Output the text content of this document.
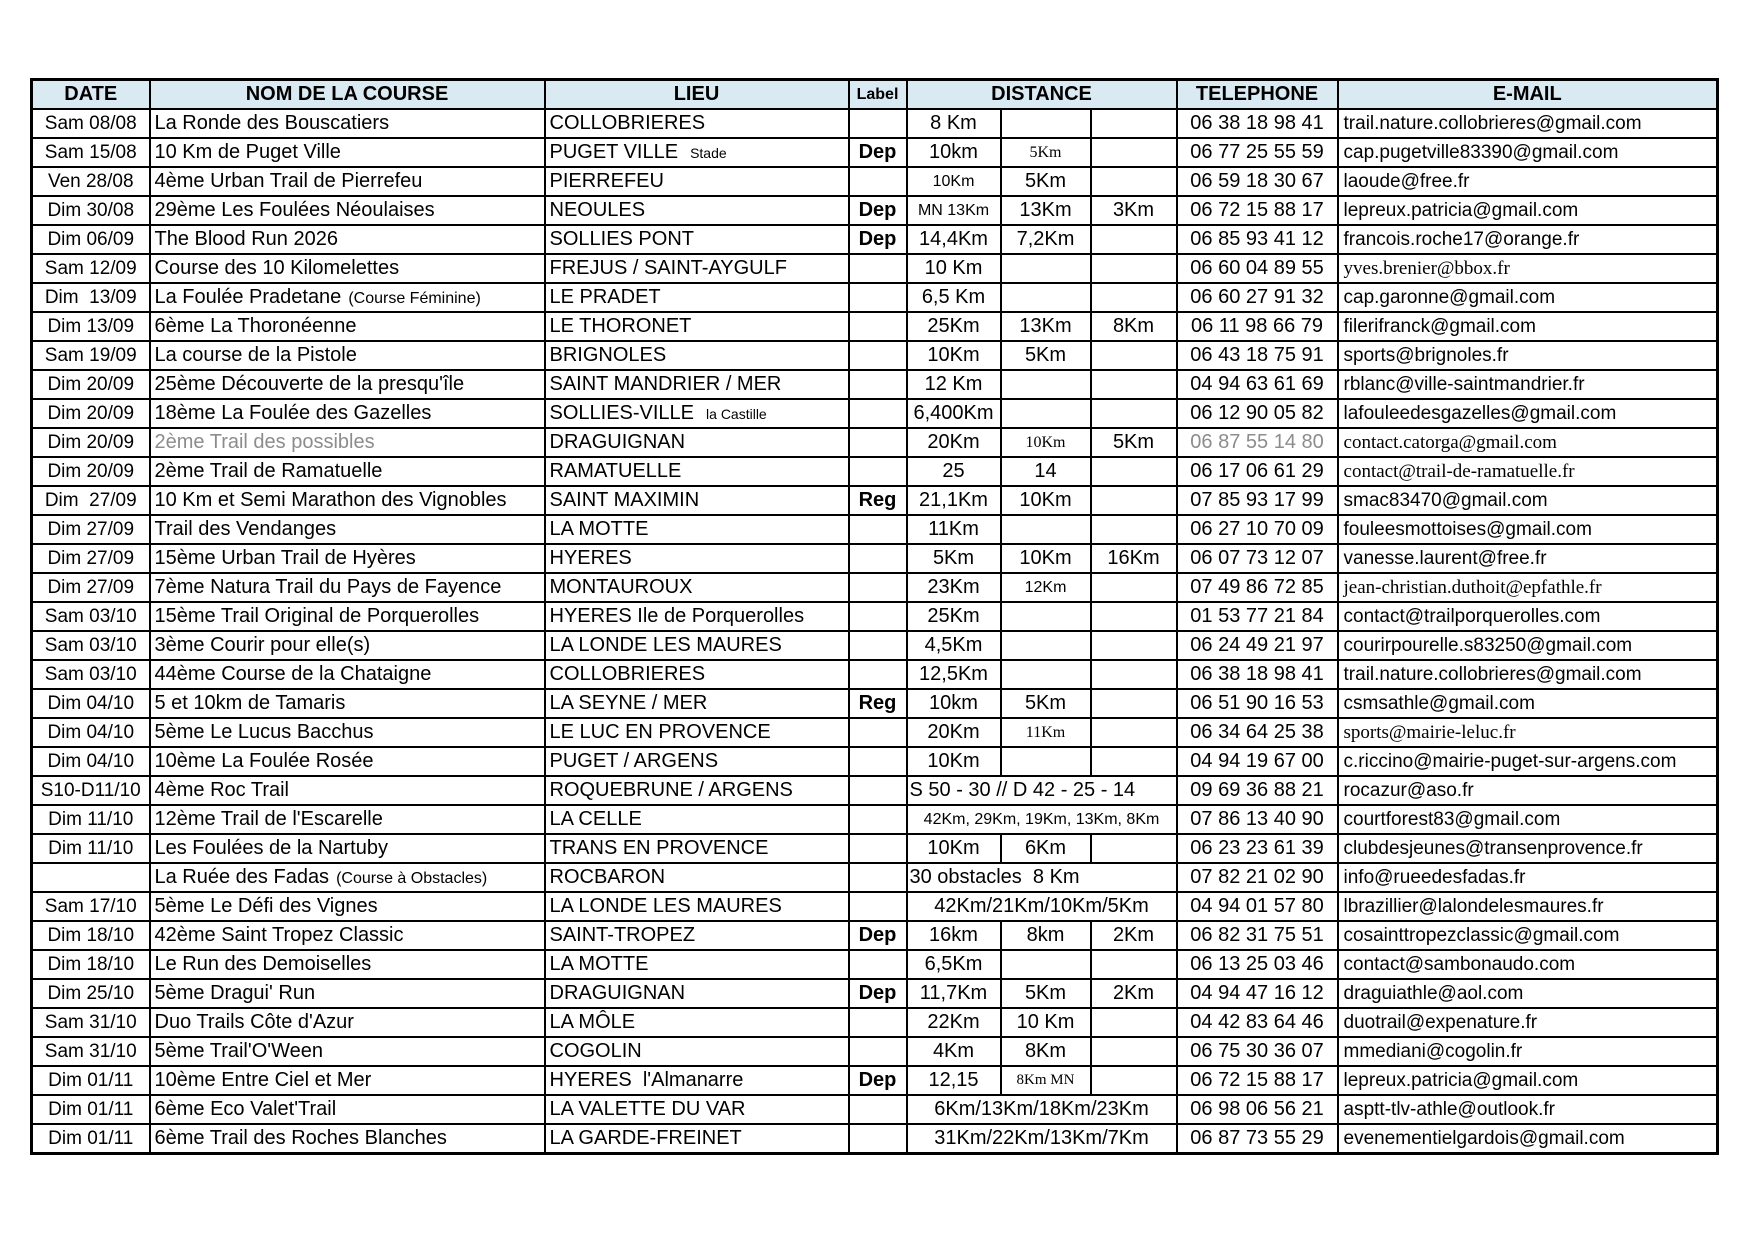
DATE	NOM DE LA COURSE	LIEU	Label	DISTANCE			TELEPHONE	E-MAIL
Sam 08/08	La Ronde des Bouscatiers	COLLOBRIERES		8 Km			06 38 18 98 41	trail.nature.collobrieres@gmail.com
Sam 15/08	10 Km de Puget Ville	PUGET VILLE Stade	Dep	10km	5Km		06 77 25 55 59	cap.pugetville83390@gmail.com
Ven 28/08	4ème Urban Trail de Pierrefeu	PIERREFEU		10Km	5Km		06 59 18 30 67	laoude@free.fr
Dim 30/08	29ème Les Foulées Néoulaises	NEOULES	Dep	MN 13Km	13Km	3Km	06 72 15 88 17	lepreux.patricia@gmail.com
Dim 06/09	The Blood Run 2026	SOLLIES PONT	Dep	14,4Km	7,2Km		06 85 93 41 12	francois.roche17@orange.fr
Sam 12/09	Course des 10 Kilomelettes	FREJUS / SAINT-AYGULF		10 Km			06 60 04 89 55	yves.brenier@bbox.fr
Dim  13/09	La Foulée Pradetane (Course Féminine)	LE PRADET		6,5 Km			06 60 27 91 32	cap.garonne@gmail.com
Dim 13/09	6ème La Thoronéenne	LE THORONET		25Km	13Km	8Km	06 11 98 66 79	filerifranck@gmail.com
Sam 19/09	La course de la Pistole	BRIGNOLES		10Km	5Km		06 43 18 75 91	sports@brignoles.fr
Dim 20/09	25ème Découverte de la presqu'île	SAINT MANDRIER / MER		12 Km			04 94 63 61 69	rblanc@ville-saintmandrier.fr
Dim 20/09	18ème La Foulée des Gazelles	SOLLIES-VILLE la Castille		6,400Km			06 12 90 05 82	lafouleedesgazelles@gmail.com
Dim 20/09	2ème Trail des possibles	DRAGUIGNAN		20Km	10Km	5Km	06 87 55 14 80	contact.catorga@gmail.com
Dim 20/09	2ème Trail de Ramatuelle	RAMATUELLE		25	14		06 17 06 61 29	contact@trail-de-ramatuelle.fr
Dim  27/09	10 Km et Semi Marathon des Vignobles	SAINT MAXIMIN	Reg	21,1Km	10Km		07 85 93 17 99	smac83470@gmail.com
Dim 27/09	Trail des Vendanges	LA MOTTE		11Km			06 27 10 70 09	fouleesmottoises@gmail.com
Dim 27/09	15ème Urban Trail de Hyères	HYERES		5Km	10Km	16Km	06 07 73 12 07	vanesse.laurent@free.fr
Dim 27/09	7ème Natura Trail du Pays de Fayence	MONTAUROUX		23Km	12Km		07 49 86 72 85	jean-christian.duthoit@epfathle.fr
Sam 03/10	15ème Trail Original de Porquerolles	HYERES Ile de Porquerolles		25Km			01 53 77 21 84	contact@trailporquerolles.com
Sam 03/10	3ème Courir pour elle(s)	LA LONDE LES MAURES		4,5Km			06 24 49 21 97	courirpourelle.s83250@gmail.com
Sam 03/10	44ème Course de la Chataigne	COLLOBRIERES		12,5Km			06 38 18 98 41	trail.nature.collobrieres@gmail.com
Dim 04/10	5 et 10km de Tamaris	LA SEYNE / MER	Reg	10km	5Km		06 51 90 16 53	csmsathle@gmail.com
Dim 04/10	5ème Le Lucus Bacchus	LE LUC EN PROVENCE		20Km	11Km		06 34 64 25 38	sports@mairie-leluc.fr
Dim 04/10	10ème La Foulée Rosée	PUGET / ARGENS		10Km			04 94 19 67 00	c.riccino@mairie-puget-sur-argens.com
S10-D11/10	4ème Roc Trail	ROQUEBRUNE / ARGENS		S 50 - 30 // D 42 - 25 - 14			09 69 36 88 21	rocazur@aso.fr
Dim 11/10	12ème Trail de l'Escarelle	LA CELLE		42Km, 29Km, 19Km, 13Km, 8Km			07 86 13 40 90	courtforest83@gmail.com
Dim 11/10	Les Foulées de la Nartuby	TRANS EN PROVENCE		10Km	6Km		06 23 23 61 39	clubdesjeunes@transenprovence.fr
	La Ruée des Fadas (Course à Obstacles)	ROCBARON		30 obstacles  8 Km			07 82 21 02 90	info@rueedesfadas.fr
Sam 17/10	5ème Le Défi des Vignes	LA LONDE LES MAURES		42Km/21Km/10Km/5Km			04 94 01 57 80	lbrazillier@lalondelesmaures.fr
Dim 18/10	42ème Saint Tropez Classic	SAINT-TROPEZ	Dep	16km	8km	2Km	06 82 31 75 51	cosainttropezclassic@gmail.com
Dim 18/10	Le Run des Demoiselles	LA MOTTE		6,5Km			06 13 25 03 46	contact@sambonaudo.com
Dim 25/10	5ème Dragui' Run	DRAGUIGNAN	Dep	11,7Km	5Km	2Km	04 94 47 16 12	draguiathle@aol.com
Sam 31/10	Duo Trails Côte d'Azur	LA MÔLE		22Km	10 Km		04 42 83 64 46	duotrail@expenature.fr
Sam 31/10	5ème Trail'O'Ween	COGOLIN		4Km	8Km		06 75 30 36 07	mmediani@cogolin.fr
Dim 01/11	10ème Entre Ciel et Mer	HYERES  l'Almanarre	Dep	12,15	8Km MN		06 72 15 88 17	lepreux.patricia@gmail.com
Dim 01/11	6ème Eco Valet'Trail	LA VALETTE DU VAR		6Km/13Km/18Km/23Km			06 98 06 56 21	asptt-tlv-athle@outlook.fr
Dim 01/11	6ème Trail des Roches Blanches	LA GARDE-FREINET		31Km/22Km/13Km/7Km			06 87 73 55 29	evenementielgardois@gmail.com
